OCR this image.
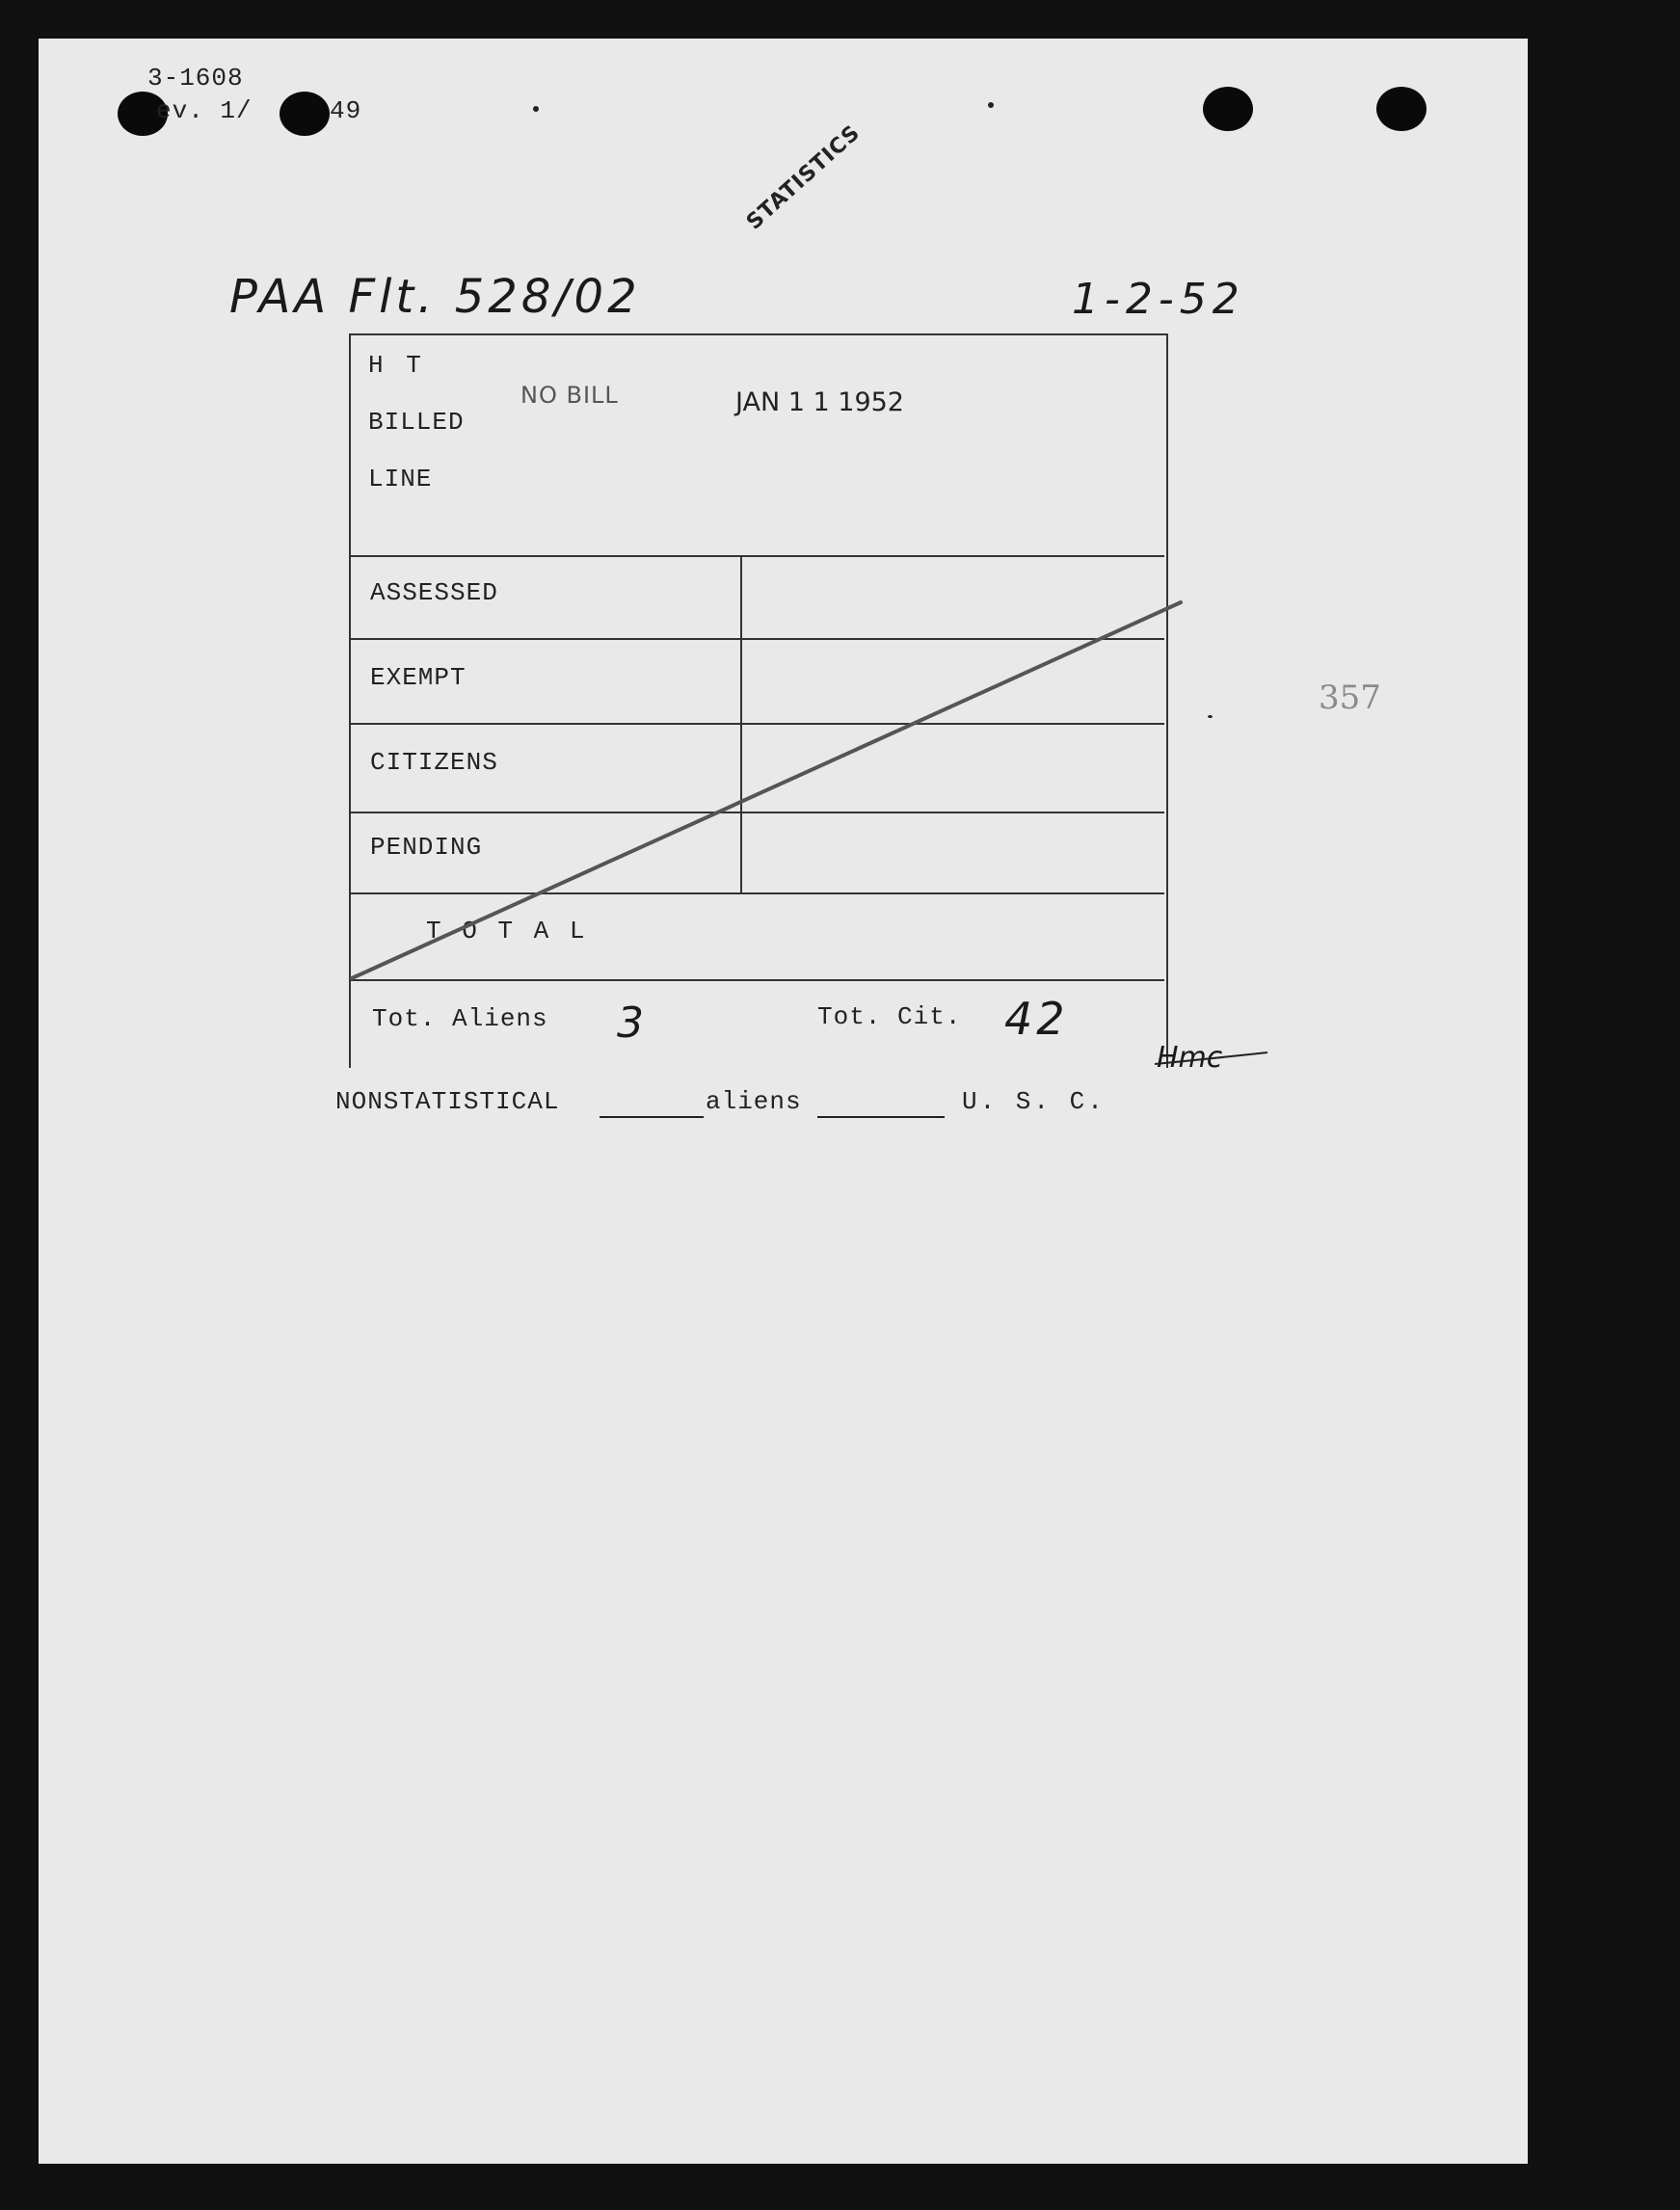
3-1608
ev. 1/	49
STATISTICS
PAA Flt. 528/02	1-2-52
H T
BILLED
LINE
NO BILL	JAN 1 1 1952
ASSESSED
EXEMPT
CITIZENS
PENDING
T O T A L
Tot. Aliens 3	Tot. Cit. 42
Hmc
357
NONSTATISTICAL	aliens	U. S. C.
